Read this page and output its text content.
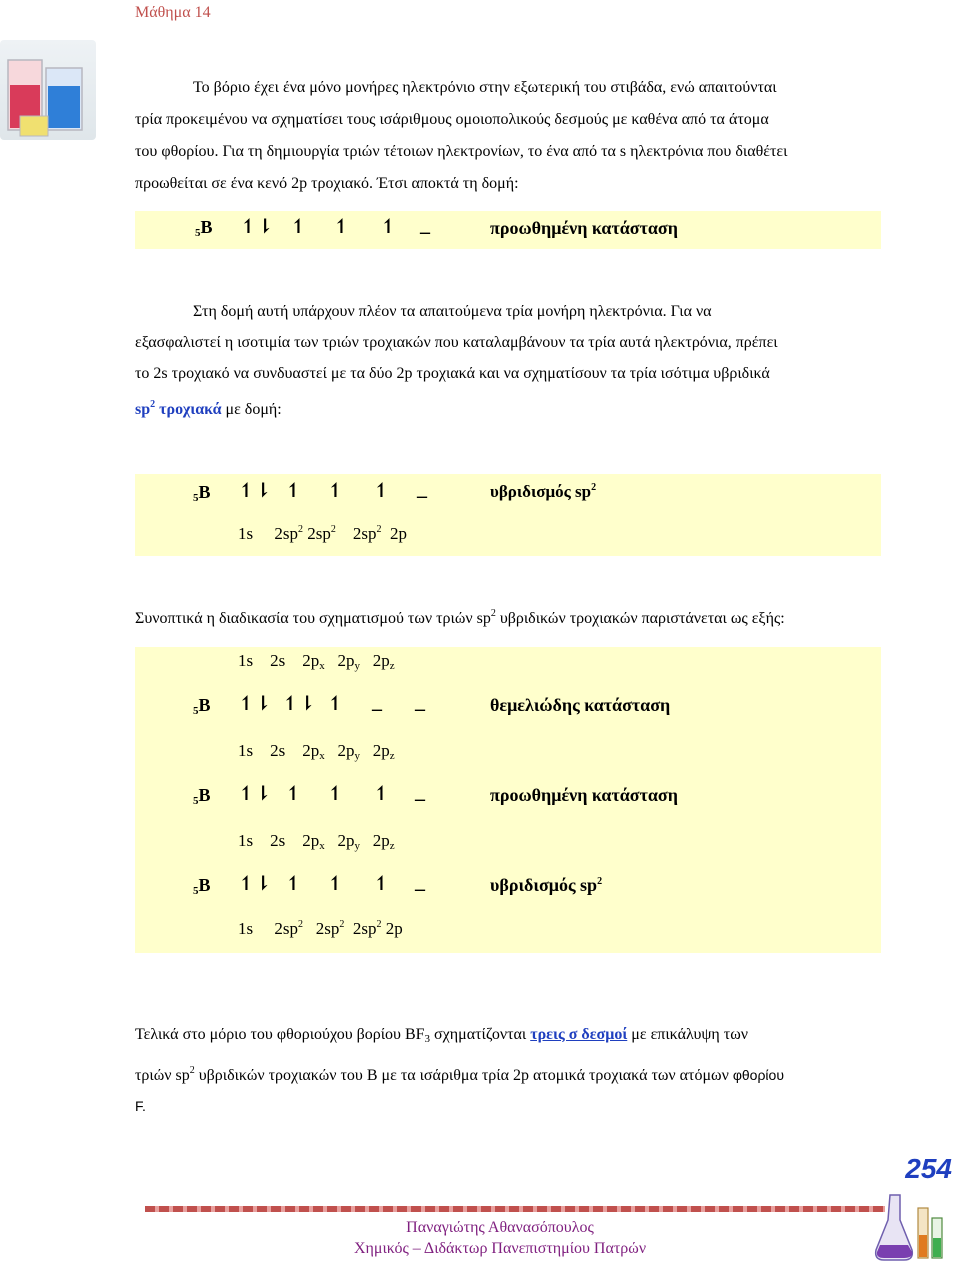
Μάθημα 14
Το βόριο έχει ένα μόνο μονήρες ηλεκτρόνιο στην εξωτερική του στιβάδα, ενώ απαιτούνται
τρία προκειμένου να σχηματίσει τους ισάριθμους ομοιοπολικούς δεσμούς με καθένα από τα άτομα
του φθορίου. Για τη δημιουργία τριών τέτοιων ηλεκτρονίων, το ένα από τα s ηλεκτρόνια που διαθέτει
προωθείται σε ένα κενό 2p τροχιακό. Έτσι αποκτά τη δομή:
$_5$B ↿⇂ ↿ ↿ ↿ _	προωθημένη κατάσταση
Στη δομή αυτή υπάρχουν πλέον τα απαιτούμενα τρία μονήρη ηλεκτρόνια. Για να
εξασφαλιστεί η ισοτιμία των τριών τροχιακών που καταλαμβάνουν τα τρία αυτά ηλεκτρόνια, πρέπει
το 2s τροχιακό να συνδυαστεί με τα δύο 2p τροχιακά και να σχηματίσουν τα τρία ισότιμα υβριδικά
$sp^2$ τροχιακά με δομή:
$_5$B ↿⇂ ↿ ↿ ↿ _	υβριδισμός $sp^2$
1s $2sp^2$ $2sp^2$ $2sp^2$ 2p
Συνοπτικά η διαδικασία του σχηματισμού των τριών $sp^2$ υβριδικών τροχιακών παριστάνεται ως εξής:
1s 2s $2p_x$ $2p_y$ $2p_z$
$_5$B ↿⇂ ↿⇂ ↿ _ _	θεμελιώδης κατάσταση
1s 2s $2p_x$ $2p_y$ $2p_z$
$_5$B ↿⇂ ↿ ↿ ↿ _	προωθημένη κατάσταση
1s 2s $2p_x$ $2p_y$ $2p_z$
$_5$B ↿⇂ ↿ ↿ ↿ _	υβριδισμός $sp^2$
1s $2sp^2$ $2sp^2$ $2sp^2$ 2p
Τελικά στο μόριο του φθοριούχου βορίου $BF_3$ σχηματίζονται τρεις σ δεσμοί με επικάλυψη των
τριών $sp^2$ υβριδικών τροχιακών του B με τα ισάριθμα τρία 2p ατομικά τροχιακά των ατόμων φθορίου
F.
254
Παναγιώτης Αθανασόπουλος
Χημικός – Διδάκτωρ Πανεπιστημίου Πατρών
